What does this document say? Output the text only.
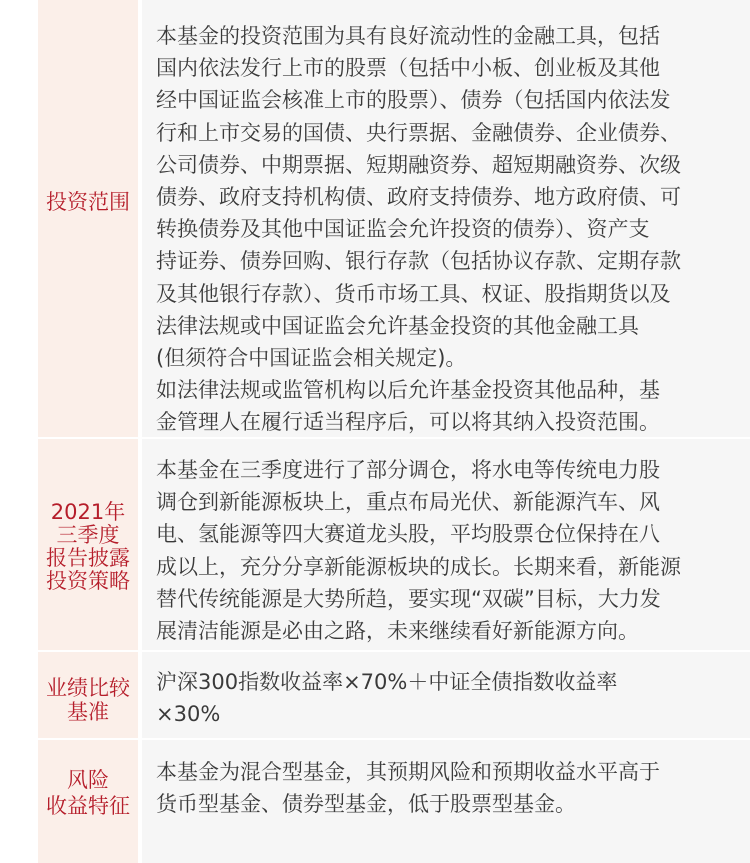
投资范围
本基金的投资范围为具有良好流动性的金融工具，包括
国内依法发行上市的股票（包括中小板、创业板及其他
经中国证监会核准上市的股票）、债券（包括国内依法发
行和上市交易的国债、央行票据、金融债券、企业债券、
公司债券、中期票据、短期融资券、超短期融资券、次级
债券、政府支持机构债、政府支持债券、地方政府债、可
转换债券及其他中国证监会允许投资的债券）、资产支
持证券、债券回购、银行存款（包括协议存款、定期存款
及其他银行存款）、货币市场工具、权证、股指期货以及
法律法规或中国证监会允许基金投资的其他金融工具
(但须符合中国证监会相关规定)。
如法律法规或监管机构以后允许基金投资其他品种，基
金管理人在履行适当程序后，可以将其纳入投资范围。
2021年
三季度
报告披露
投资策略
本基金在三季度进行了部分调仓，将水电等传统电力股
调仓到新能源板块上，重点布局光伏、新能源汽车、风
电、氢能源等四大赛道龙头股，平均股票仓位保持在八
成以上，充分分享新能源板块的成长。长期来看，新能源
替代传统能源是大势所趋，要实现“双碳”目标，大力发
展清洁能源是必由之路，未来继续看好新能源方向。
业绩比较
基准
沪深300指数收益率×70%＋中证全债指数收益率
×30%
风险
收益特征
本基金为混合型基金，其预期风险和预期收益水平高于
货币型基金、债券型基金，低于股票型基金。
